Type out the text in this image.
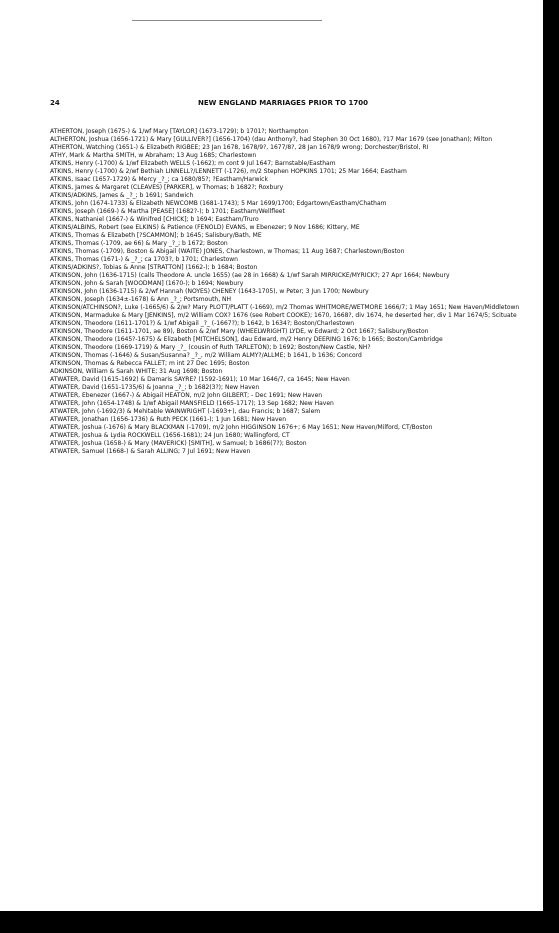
24	NEW ENGLAND MARRIAGES PRIOR TO 1700

ATHERTON, Joseph (1675-) & 1/wf Mary [TAYLOR] (1673-1729); b 1701?; Northampton

ALTHERTON, Joshua (1656-1721) & Mary [GULLIVER?] (1656-1704) (dau Anthony?, had Stephen 30 Oct 1680), ?17 Mar 1679 (see Jonathan); Milton

ATHERTON, Watching (1651-) & Elizabeth RIGBEE; 23 Jan 1678, 1678/9?, 1677/8?, 28 Jan 1678/9 wrong; Dorchester/Bristol, RI

ATHY, Mark & Martha SMITH, w Abraham; 13 Aug 1685; Charlestown

ATKINS, Henry (-1700) & 1/wf Elizabeth WELLS (-1662); m cont 9 Jul 1647; Barnstable/Eastham

ATKINS, Henry (-1700) & 2/wf Bethiah LINNELL?/LENNETT (-1726), m/2 Stephen HOPKINS 1701; 25 Mar 1664; Eastham

ATKINS, Isaac (1657-1729) & Mercy _?_; ca 1680/85?; ?Eastham/Harwick

ATKINS, James & Margaret (CLEAVES) [PARKER], w Thomas; b 1682?; Roxbury

ATKINS/ADKINS, James & _?_; b 1691; Sandwich

ATKINS, John (1674-1733) & Elizabeth NEWCOMB (1681-1743); 5 Mar 1699/1700; Edgartown/Eastham/Chatham

ATKINS, Joseph (1669-) & Martha [PEASE] (1682?-); b 1701; Eastham/Wellfleet

ATKINS, Nathaniel (1667-) & Winifred [CHICK]; b 1694; Eastham/Truro

ATKINS/ALBINS, Robert (see ELKINS) & Patience (FENOLD) EVANS, w Ebenezer; 9 Nov 1686; Kittery, ME

ATKINS, Thomas & Elizabeth [?SCAMMON]; b 1645; Salisbury/Bath, ME

ATKINS, Thomas (-1709, ae 66) & Mary _?_; b 1672; Boston

ATKINS, Thomas (-1709), Boston & Abigail (WAITE) JONES, Charlestown, w Thomas; 11 Aug 1687; Charlestown/Boston

ATKINS, Thomas (1671-) & _?_; ca 1703?, b 1701; Charlestown

ATKINS/ADKINS?, Tobias & Anne [STRATTON] (1662-); b 1684; Boston

ATKINSON, John (1636-1715) (calls Theodore A. uncle 1655) (ae 28 in 1668) & 1/wf Sarah MIRRICKE/MYRICK?; 27 Apr 1664; Newbury

ATKINSON, John & Sarah [WOODMAN] (1670-); b 1694; Newbury

ATKINSON, John (1636-1715) & 2/wf Hannah (NOYES) CHENEY (1643-1705), w Peter; 3 Jun 1700; Newbury

ATKINSON, Joseph (1634±-1678) & Ann _?_; Portsmouth, NH

ATKINSON/ATCHINSON?, Luke (-1665/6) & 2/w? Mary PLOTT/PLATT (-1669), m/2 Thomas WHITMORE/WETMORE 1666/7; 1 May 1651; New Haven/Middletown

ATKINSON, Marmaduke & Mary [JENKINS], m/2 William COX? 1676 (see Robert COOKE); 1670, 1668?, div 1674, he deserted her, div 1 Mar 1674/5; Scituate

ATKINSON, Theodore (1611-1701?) & 1/wf Abigail _?_ (-1667?); b 1642, b 1634?; Boston/Charlestown

ATKINSON, Theodore (1611-1701, ae 89), Boston & 2/wf Mary (WHEELWRIGHT) LYDE, w Edward; 2 Oct 1667; Salisbury/Boston

ATKINSON, Theodore (1645?-1675) & Elizabeth [MITCHELSON], dau Edward, m/2 Henry DEERING 1676; b 1665; Boston/Cambridge

ATKINSON, Theodore (1669-1719) & Mary _?_ (cousin of Ruth TARLETON); b 1692; Boston/New Castle, NH?

ATKINSON, Thomas (-1646) & Susan/Susanna? _?_, m/2 William ALMY?/ALLME; b 1641, b 1636; Concord

ATKINSON, Thomas & Rebecca FALLET; m int 27 Dec 1695; Boston

ADKINSON, William & Sarah WHITE; 31 Aug 1698; Boston

ATWATER, David (1615-1692) & Damaris SAYRE? (1592-1691); 10 Mar 1646/7, ca 1645; New Haven

ATWATER, David (1651-1735/6) & Joanna _?_; b 1682(3?); New Haven

ATWATER, Ebenezer (1667-) & Abigail HEATON, m/2 John GILBERT; - Dec 1691; New Haven

ATWATER, John (1654-1748) & 1/wf Abigail MANSFIELD (1665-1717); 13 Sep 1682; New Haven

ATWATER, John (-1692/3) & Mehitable WAINWRIGHT (-1693+), dau Francis; b 1687; Salem

ATWATER, Jonathan (1656-1736) & Ruth PECK (1661-); 1 Jun 1681; New Haven

ATWATER, Joshua (-1676) & Mary BLACKMAN (-1709), m/2 John HIGGINSON 1676+; 6 May 1651; New Haven/Milford, CT/Boston

ATWATER, Joshua & Lydia ROCKWELL (1656-1681); 24 Jun 1680; Wallingford, CT

ATWATER, Joshua (1658-) & Mary (MAVERICK) [SMITH], w Samuel; b 1686(7?); Boston

ATWATER, Samuel (1668-) & Sarah ALLING; 7 Jul 1691; New Haven
